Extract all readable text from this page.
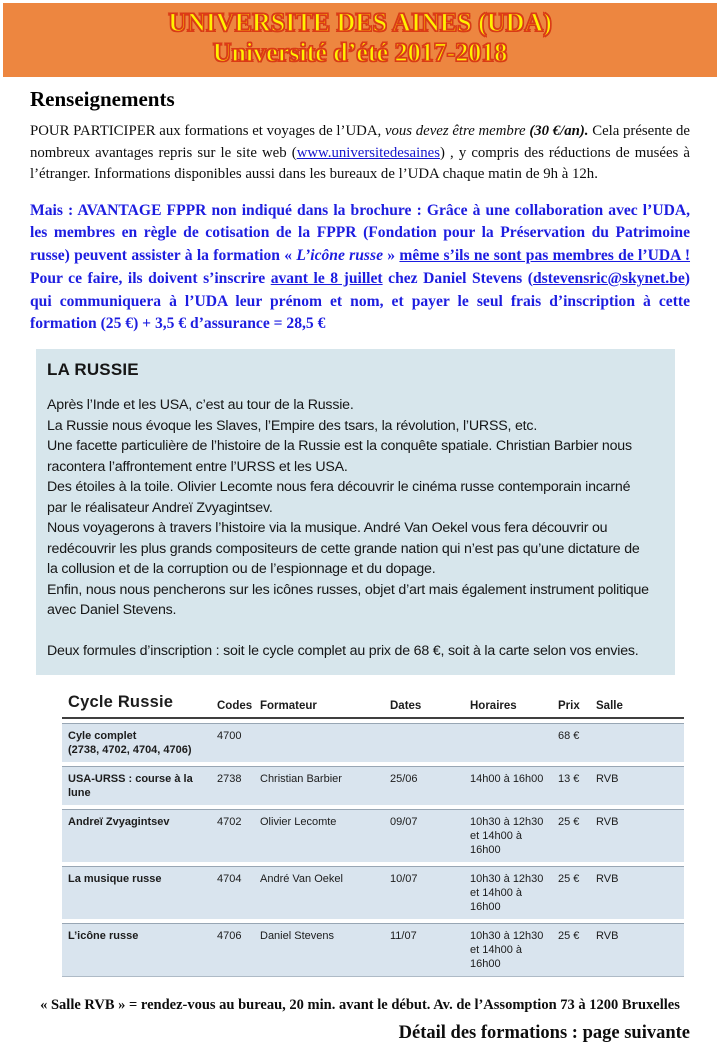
UNIVERSITE DES AINES (UDA)
Université d’été 2017-2018
Renseignements

POUR PARTICIPER aux formations et voyages de l’UDA, vous devez être membre (30 €/an). Cela présente de nombreux avantages repris sur le site web (www.universitedesaines) , y compris des réductions de musées à l’étranger. Informations disponibles aussi dans les bureaux de l’UDA chaque matin de 9h à 12h.

Mais : AVANTAGE FPPR non indiqué dans la brochure : Grâce à une collaboration avec l’UDA, les membres en règle de cotisation de la FPPR (Fondation pour la Préservation du Patrimoine russe) peuvent assister à la formation « L’icône russe » même s’ils ne sont pas membres de l’UDA ! Pour ce faire, ils doivent s’inscrire avant le 8 juillet chez Daniel Stevens (dstevensric@skynet.be) qui communiquera à l’UDA leur prénom et nom, et payer le seul frais d’inscription à cette formation (25 €) + 3,5 € d’assurance = 28,5 €

LA RUSSIE

Après l’Inde et les USA, c’est au tour de la Russie.

La Russie nous évoque les Slaves, l’Empire des tsars, la révolution, l’URSS, etc.

Une facette particulière de l’histoire de la Russie est la conquête spatiale. Christian Barbier nous racontera l’affrontement entre l’URSS et les USA.

Des étoiles à la toile. Olivier Lecomte nous fera découvrir le cinéma russe contemporain incarné par le réalisateur Andreï Zvyagintsev.

Nous voyagerons à travers l’histoire via la musique. André Van Oekel vous fera découvrir ou redécouvrir les plus grands compositeurs de cette grande nation qui n’est pas qu’une dictature de la collusion et de la corruption ou de l’espionnage et du dopage.

Enfin, nous nous pencherons sur les icônes russes, objet d’art mais également instrument politique avec Daniel Stevens.

Deux formules d’inscription : soit le cycle complet au prix de 68 €, soit à la carte selon vos envies.

Cycle Russie	Codes	Formateur	Dates	Horaires	Prix	Salle

Cyle complet
(2738, 4702, 4704, 4706)	4700				68 €	
USA-URSS : course à la lune	2738	Christian Barbier	25/06	14h00 à 16h00	13 €	RVB
Andreï Zvyagintsev	4702	Olivier Lecomte	09/07	10h30 à 12h30 et 14h00 à 16h00	25 €	RVB
La musique russe	4704	André Van Oekel	10/07	10h30 à 12h30 et 14h00 à 16h00	25 €	RVB
L’icône russe	4706	Daniel Stevens	11/07	10h30 à 12h30 et 14h00 à 16h00	25 €	RVB

« Salle RVB » = rendez-vous au bureau, 20 min. avant le début. Av. de l’Assomption 73 à 1200 Bruxelles

Détail des formations : page suivante
